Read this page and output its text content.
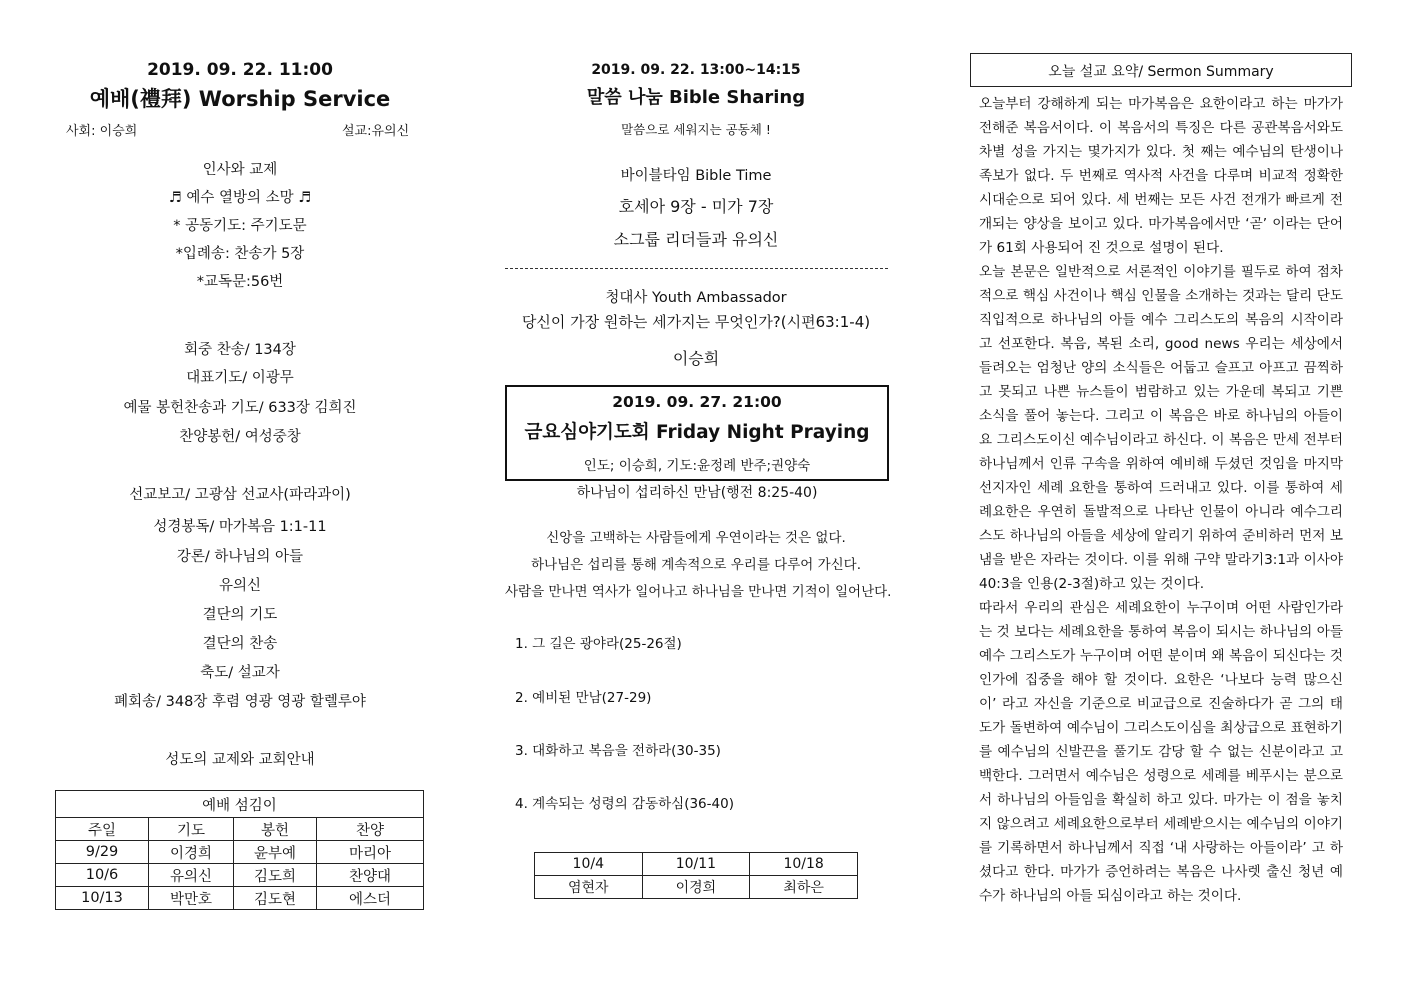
2019. 09. 22. 11:00
예배(禮拜) Worship Service
사회: 이승희	설교:유의신
인사와 교제
♬ 예수 열방의 소망 ♬
* 공동기도: 주기도문
*입례송: 찬송가 5장
*교독문:56번
회중 찬송/ 134장
대표기도/ 이광무
예물 봉헌찬송과 기도/ 633장 김희진
찬양봉헌/ 여성중창
선교보고/ 고광삼 선교사(파라과이)
성경봉독/ 마가복음 1:1-11
강론/ 하나님의 아들
유의신
결단의 기도
결단의 찬송
축도/ 설교자
폐회송/ 348장 후렴 영광 영광 할렐루야
성도의 교제와 교회안내
예배 섬김이			
주일	기도	봉헌	찬양
9/29	이경희	윤부예	마리아
10/6	유의신	김도희	찬양대
10/13	박만호	김도현	에스더
2019. 09. 22. 13:00~14:15
말씀 나눔 Bible Sharing
말씀으로 세워지는 공동체 !
바이블타임 Bible Time
호세아 9장 - 미가 7장
소그룹 리더들과 유의신
청대사 Youth Ambassador
당신이 가장 원하는 세가지는 무엇인가?(시편63:1-4)
이승희
2019. 09. 27. 21:00
금요심야기도회 Friday Night Praying
인도; 이승희, 기도:윤정례 반주;권양숙
하나님이 섭리하신 만남(행전 8:25-40)
신앙을 고백하는 사람들에게 우연이라는 것은 없다.
하나님은 섭리를 통해 계속적으로 우리를 다루어 가신다.
사람을 만나면 역사가 일어나고 하나님을 만나면 기적이 일어난다.
1. 그 길은 광야라(25-26절)
2. 예비된 만남(27-29)
3. 대화하고 복음을 전하라(30-35)
4. 계속되는 성령의 감동하심(36-40)
10/4	10/11	10/18
염현자	이경희	최하은
오늘 설교 요약/ Sermon Summary

오늘부터 강해하게 되는 마가복음은 요한이라고 하는 마가가 전해준 복음서이다. 이 복음서의 특징은 다른 공관복음서와도 차별 성을 가지는 몇가지가 있다. 첫 째는 예수님의 탄생이나 족보가 없다. 두 번째로 역사적 사건을 다루며 비교적 정확한 시대순으로 되어 있다. 세 번째는 모든 사건 전개가 빠르게 전개되는 양상을 보이고 있다. 마가복음에서만 ‘곧’ 이라는 단어가 61회 사용되어 진 것으로 설명이 된다.

오늘 본문은 일반적으로 서론적인 이야기를 필두로 하여 점차적으로 핵심 사건이나 핵심 인물을 소개하는 것과는 달리 단도직입적으로 하나님의 아들 예수 그리스도의 복음의 시작이라 고 선포한다. 복음, 복된 소리, good news 우리는 세상에서 들려오는 엄청난 양의 소식들은 어둡고 슬프고 아프고 끔찍하고 못되고 나쁜 뉴스들이 범람하고 있는 가운데 복되고 기쁜 소식을 풀어 놓는다. 그리고 이 복음은 바로 하나님의 아들이요 그리스도이신 예수님이라고 하신다. 이 복음은 만세 전부터 하나님께서 인류 구속을 위하여 예비해 두셨던 것임을 마지막 선지자인 세례 요한을 통하여 드러내고 있다. 이를 통하여 세례요한은 우연히 돌발적으로 나타난 인물이 아니라 예수그리스도 하나님의 아들을 세상에 알리기 위하여 준비하러 먼저 보냄을 받은 자라는 것이다. 이를 위해 구약 말라기3:1과 이사야40:3을 인용(2-3절)하고 있는 것이다.

따라서 우리의 관심은 세례요한이 누구이며 어떤 사람인가라는 것 보다는 세례요한을 통하여 복음이 되시는 하나님의 아들 예수 그리스도가 누구이며 어떤 분이며 왜 복음이 되신다는 것인가에 집중을 해야 할 것이다. 요한은 ‘나보다 능력 많으신 이’ 라고 자신을 기준으로 비교급으로 진술하다가 곧 그의 태도가 돌변하여 예수님이 그리스도이심을 최상급으로 표현하기를 예수님의 신발끈을 풀기도 감당 할 수 없는 신분이라고 고백한다. 그러면서 예수님은 성령으로 세례를 베푸시는 분으로서 하나님의 아들임을 확실히 하고 있다. 마가는 이 점을 놓치지 않으려고 세례요한으로부터 세례받으시는 예수님의 이야기를 기록하면서 하나님께서 직접 ‘내 사랑하는 아들이라’ 고 하셨다고 한다. 마가가 증언하려는 복음은 나사렛 출신 청년 예수가 하나님의 아들 되심이라고 하는 것이다.
